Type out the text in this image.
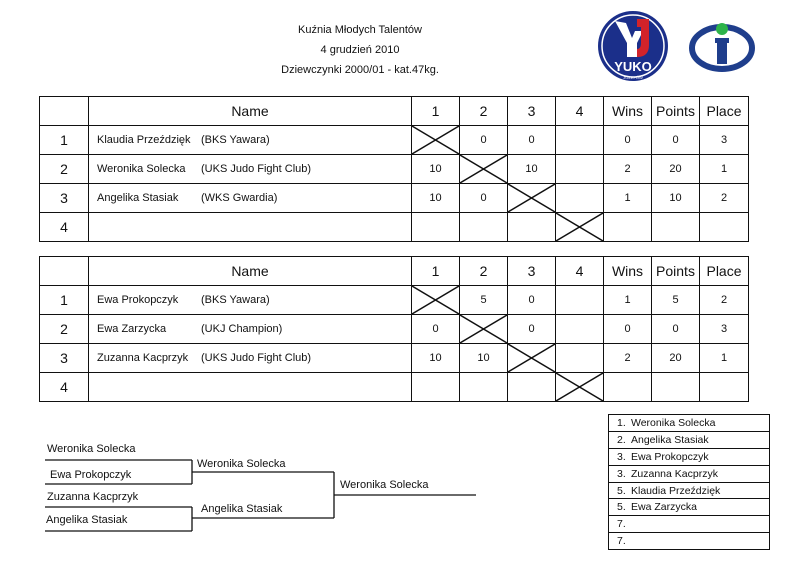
Kuźnia Młodych Talentów
4 grudzień 2010
Dziewczynki 2000/01 - kat.47kg.	YUKO
JÓZEFÓW
	Name	1	2	3	4	Wins	Points	Place
1	Klaudia Przeździęk (BKS Yawara)		0	0		0	0	3
2	Weronika Solecka (UKS Judo Fight Club)	10		10		2	20	1
3	Angelika Stasiak (WKS Gwardia)	10	0			1	10	2
4					

	Name	1	2	3	4	Wins	Points	Place
1	Ewa Prokopczyk (BKS Yawara)		5	0		1	5	2
2	Ewa Zarzycka (UKJ Champion)	0		0		0	0	3
3	Zuzanna Kacprzyk (UKS Judo Fight Club)	10	10			2	20	1
4					

Weronika Solecka
Ewa Prokopczyk
Zuzanna Kacprzyk
Angelika Stasiak
Weronika Solecka
Angelika Stasiak
Weronika Solecka
1. Weronika Solecka
2. Angelika Stasiak
3. Ewa Prokopczyk
3. Zuzanna Kacprzyk
5. Klaudia Przeździęk
5. Ewa Zarzycka
7.
7.
